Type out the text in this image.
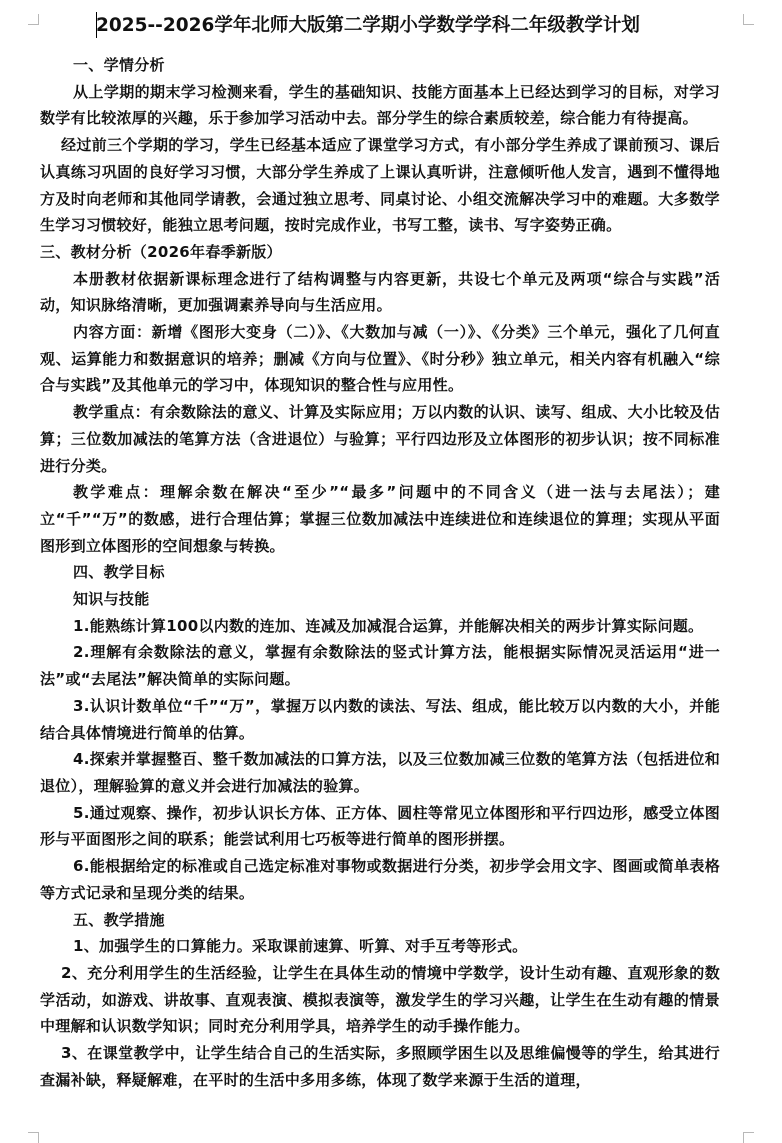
2025--2026学年北师大版第二学期小学数学学科二年级教学计划

一、学情分析

从上学期的期末学习检测来看，学生的基础知识、技能方面基本上已经达到学习的目标，对学习数学有比较浓厚的兴趣，乐于参加学习活动中去。部分学生的综合素质较差，综合能力有待提高。

经过前三个学期的学习，学生已经基本适应了课堂学习方式，有小部分学生养成了课前预习、课后认真练习巩固的良好学习习惯，大部分学生养成了上课认真听讲，注意倾听他人发言，遇到不懂得地方及时向老师和其他同学请教，会通过独立思考、同桌讨论、小组交流解决学习中的难题。大多数学生学习习惯较好，能独立思考问题，按时完成作业，书写工整，读书、写字姿势正确。

三、教材分析（2026年春季新版）

本册教材依据新课标理念进行了结构调整与内容更新，共设七个单元及两项“综合与实践”活动，知识脉络清晰，更加强调素养导向与生活应用。

内容方面：新增《图形大变身（二）》、《大数加与减（一）》、《分类》三个单元，强化了几何直观、运算能力和数据意识的培养；删减《方向与位置》、《时分秒》独立单元，相关内容有机融入“综合与实践”及其他单元的学习中，体现知识的整合性与应用性。

教学重点：有余数除法的意义、计算及实际应用；万以内数的认识、读写、组成、大小比较及估算；三位数加减法的笔算方法（含进退位）与验算；平行四边形及立体图形的初步认识；按不同标准进行分类。

教学难点：理解余数在解决“至少”“最多”问题中的不同含义（进一法与去尾法）；建立“千”“万”的数感，进行合理估算；掌握三位数加减法中连续进位和连续退位的算理；实现从平面图形到立体图形的空间想象与转换。

四、教学目标

知识与技能

1.能熟练计算100以内数的连加、连减及加减混合运算，并能解决相关的两步计算实际问题。

2.理解有余数除法的意义，掌握有余数除法的竖式计算方法，能根据实际情况灵活运用“进一法”或“去尾法”解决简单的实际问题。

3.认识计数单位“千”“万”，掌握万以内数的读法、写法、组成，能比较万以内数的大小，并能结合具体情境进行简单的估算。

4.探索并掌握整百、整千数加减法的口算方法，以及三位数加减三位数的笔算方法（包括进位和退位），理解验算的意义并会进行加减法的验算。

5.通过观察、操作，初步认识长方体、正方体、圆柱等常见立体图形和平行四边形，感受立体图形与平面图形之间的联系；能尝试利用七巧板等进行简单的图形拼摆。

6.能根据给定的标准或自己选定标准对事物或数据进行分类，初步学会用文字、图画或简单表格等方式记录和呈现分类的结果。

五、教学措施

1、加强学生的口算能力。采取课前速算、听算、对手互考等形式。

2、充分利用学生的生活经验，让学生在具体生动的情境中学数学，设计生动有趣、直观形象的数学活动，如游戏、讲故事、直观表演、模拟表演等，激发学生的学习兴趣，让学生在生动有趣的情景中理解和认识数学知识；同时充分利用学具，培养学生的动手操作能力。

3、在课堂教学中，让学生结合自己的生活实际，多照顾学困生以及思维偏慢等的学生，给其进行查漏补缺，释疑解难，在平时的生活中多用多练，体现了数学来源于生活的道理，
